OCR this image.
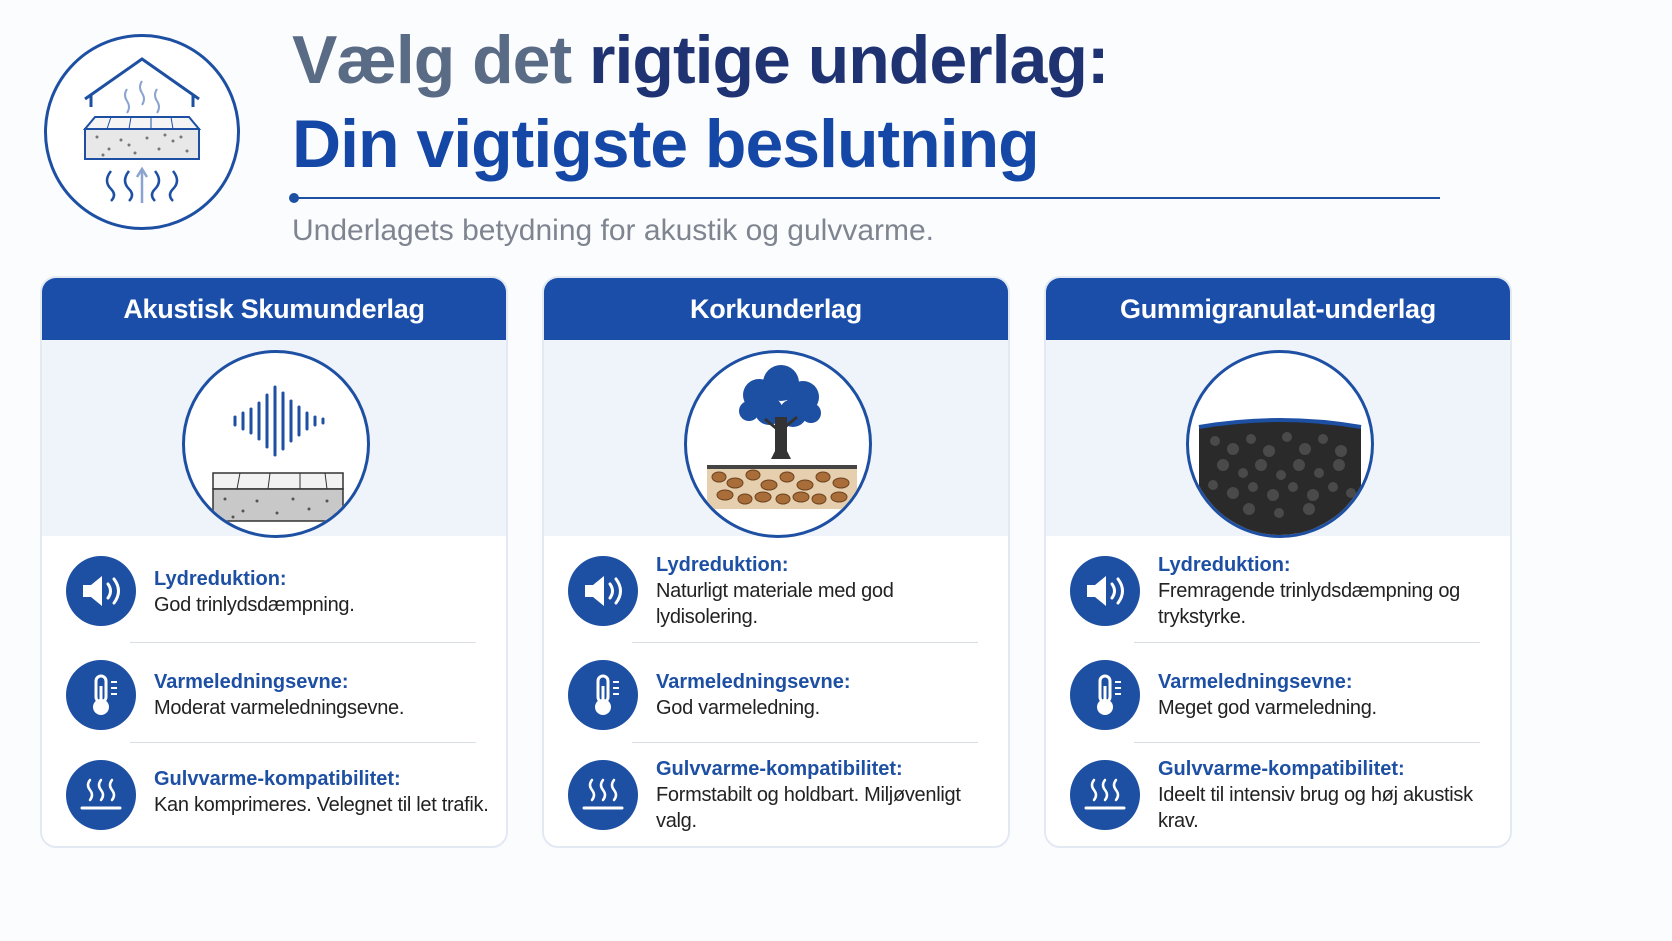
Vælg det rigtige underlag:
Din vigtigste beslutning

Underlagets betydning for akustik og gulvvarme.

Akustisk Skumunderlag
Lydreduktion:
God trinlydsdæmpning.
Varmeledningsevne:
Moderat varmeledningsevne.
Gulvvarme-kompatibilitet:
Kan komprimeres. Velegnet til let trafik.
Korkunderlag
Lydreduktion:
Naturligt materiale med god lydisolering.
Varmeledningsevne:
God varmeledning.
Gulvvarme-kompatibilitet:
Formstabilt og holdbart. Miljøvenligt valg.
Gummigranulat-underlag
Lydreduktion:
Fremragende trinlydsdæmpning og trykstyrke.
Varmeledningsevne:
Meget god varmeledning.
Gulvvarme-kompatibilitet:
Ideelt til intensiv brug og høj akustisk krav.
